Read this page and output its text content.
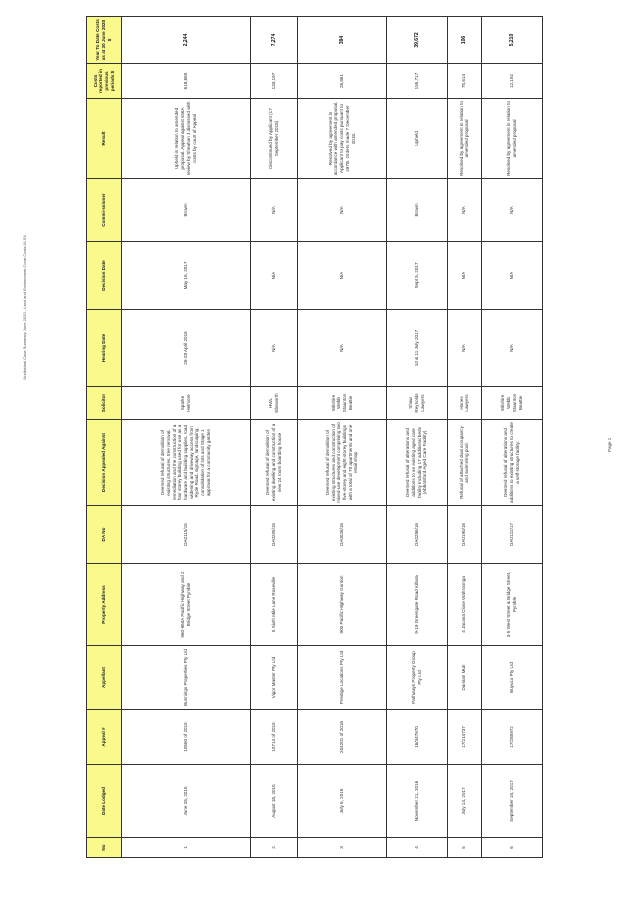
\\Individual Case Summary June 2020 - Land and Environment Court Costs.XLSX
Page 1
No	Date Lodged	Appeal #	Appellant	Property Address	DA No	Decision Appealed Against	Solicitor	Hearing Date	Decision Date	Commi-ssioner	Result	Costs reported in previous periods $	Year To Date Costs as at 30 June 2020 $
1	June 26, 2015	10560 of 2015	Bunnings Properties Pty Ltd	960-960A Pacific Highway and 2 Bridge Street Pymble	DA0115/15	Deemed refusal of demolition of existing structures, tree removal, remediation and the construction of a four storey building used for use as a hardware and building supplies, road widening and driveway access from Ryde Road, signage, landscaping, consolidation of lots and Stage 1 approval for a community garden	Sparke Helmore	26-28 April 2016	May 16, 2017	Brown	Upheld in relation to amended proposal. Appeal against s56A review by Sheahan J dismissed with costs by court of Appeal	618,660	2,244
2	August 18, 2015	10714 of 2015	Vigor Master Pty Ltd	5 Sixth Mile Lane Roseville	DA0205/15	Deemed refusal of demolition of existing dwelling and construction of a new 24 room boarding house	HWL Ebsworth	N/A	N/A	N/A	Discontinued by Applicant (17 September 2018)	133,197	7,274
3	July 6, 2016	204201 of 2016	Prestige Locations Pty Ltd	900 Pacific Highway Gordon	DA0026/16	Deemed refusal of demolition of existing structures and construction of mixed-use development comprising two five-storey and eight-storey buildings with a total of 70 apartments and one retail shop	Wilshire Webb Staunton Beattie	N/A	N/A	N/A	Resolved by agreement in accordance with amended proposal. Applicant to pay costs pursuant to s97B. Orders made 7 December 2018.	26,861	394
4	November 21, 2016	16/347670	Pathways Property Group Pty Ltd	9-19 Greengate Road Killara	DA0286/16	Deemed refusal of alterations and additions to an existing aged care facility including 17 additional beds (Abbotsford Aged Care Facility)	Shaw Reynolds Lawyers	10 & 11 July 2017	Sept 5, 2017	Brown	Upheld	155,717	39,672
5	July 14, 2017	17/214737	Damian Muir	4 Jacana Close Wahroonga	DA0190/16	Refusal of attached dual occupancy and swimming pool.	Hones Lawyers	N/A	N/A	N/A	Resolved by agreement in relation to amended proposal	75,614	106
6	September 15, 2017	17/285972	Buyuco Pty Ltd	3-5 West Street & Bridge Street, Pymble	DA0122/17	Deemed refusal of alterations and additions to existing structures to create a self-storage facility.	Wilshire Webb Staunton Beattie	N/A	N/A	N/A	Resolved by agreement in relation to amended proposal	12,192	5,210
